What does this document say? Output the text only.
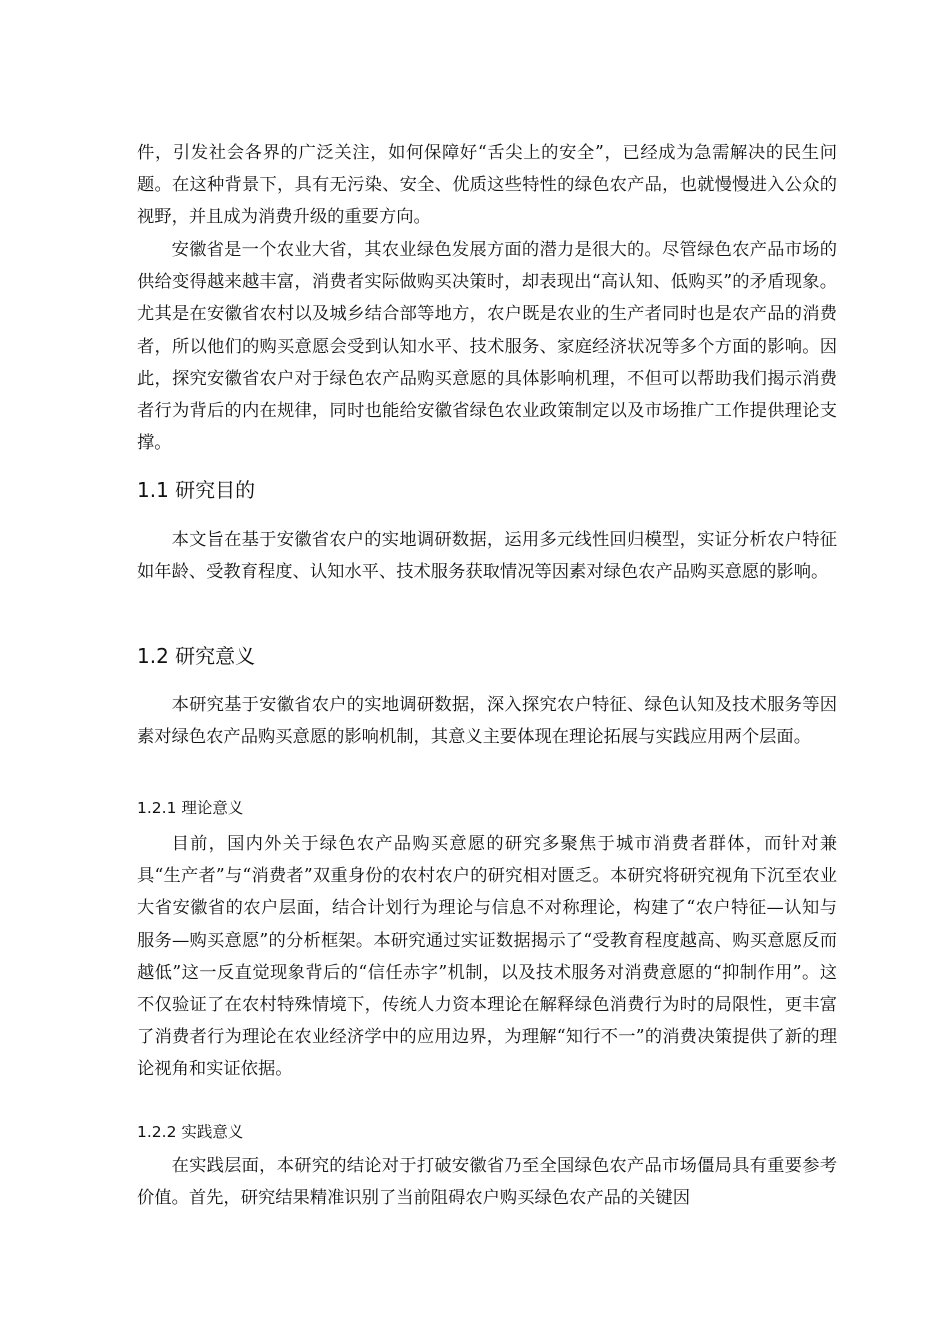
件，引发社会各界的广泛关注，如何保障好“舌尖上的安全”，已经成为急需解决的民生问题。在这种背景下，具有无污染、安全、优质这些特性的绿色农产品，也就慢慢进入公众的视野，并且成为消费升级的重要方向。

安徽省是一个农业大省，其农业绿色发展方面的潜力是很大的。尽管绿色农产品市场的供给变得越来越丰富，消费者实际做购买决策时，却表现出“高认知、低购买”的矛盾现象。尤其是在安徽省农村以及城乡结合部等地方，农户既是农业的生产者同时也是农产品的消费者，所以他们的购买意愿会受到认知水平、技术服务、家庭经济状况等多个方面的影响。因此，探究安徽省农户对于绿色农产品购买意愿的具体影响机理，不但可以帮助我们揭示消费者行为背后的内在规律，同时也能给安徽省绿色农业政策制定以及市场推广工作提供理论支撑。

1.1 研究目的

本文旨在基于安徽省农户的实地调研数据，运用多元线性回归模型，实证分析农户特征如年龄、受教育程度、认知水平、技术服务获取情况等因素对绿色农产品购买意愿的影响。

1.2 研究意义

本研究基于安徽省农户的实地调研数据，深入探究农户特征、绿色认知及技术服务等因素对绿色农产品购买意愿的影响机制，其意义主要体现在理论拓展与实践应用两个层面。

1.2.1 理论意义

目前，国内外关于绿色农产品购买意愿的研究多聚焦于城市消费者群体，而针对兼具“生产者”与“消费者”双重身份的农村农户的研究相对匮乏。本研究将研究视角下沉至农业大省安徽省的农户层面，结合计划行为理论与信息不对称理论，构建了“农户特征—认知与服务—购买意愿”的分析框架。本研究通过实证数据揭示了“受教育程度越高、购买意愿反而越低”这一反直觉现象背后的“信任赤字”机制，以及技术服务对消费意愿的“抑制作用”。这不仅验证了在农村特殊情境下，传统人力资本理论在解释绿色消费行为时的局限性，更丰富了消费者行为理论在农业经济学中的应用边界，为理解“知行不一”的消费决策提供了新的理论视角和实证依据。

1.2.2 实践意义

在实践层面，本研究的结论对于打破安徽省乃至全国绿色农产品市场僵局具有重要参考价值。首先，研究结果精准识别了当前阻碍农户购买绿色农产品的关键因
